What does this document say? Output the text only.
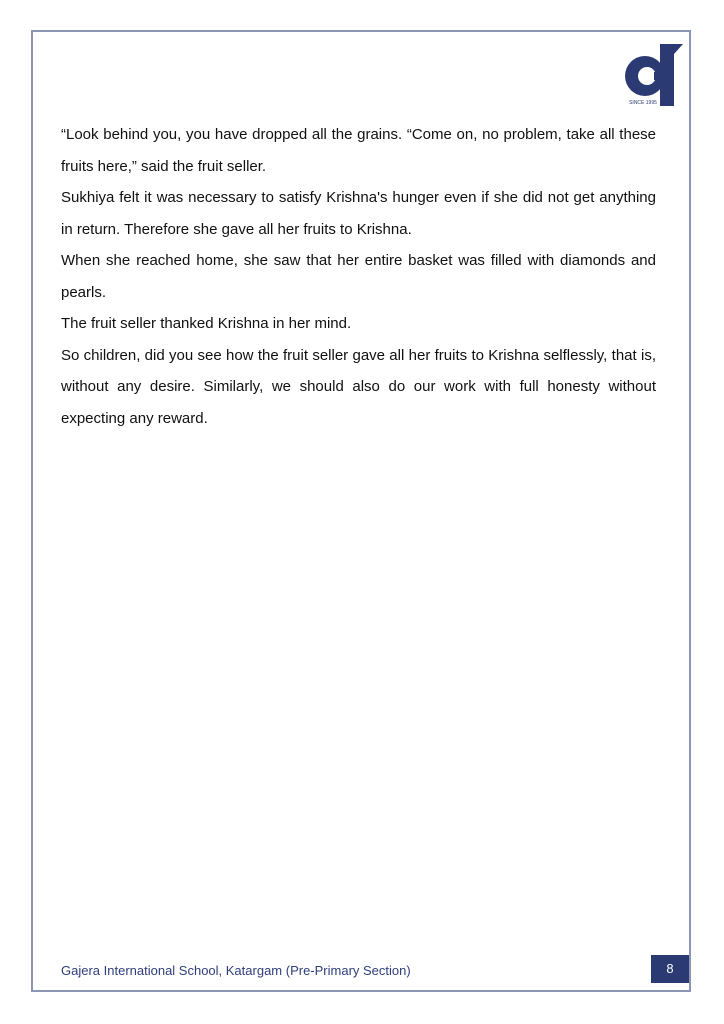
SINCE 1995

“Look behind you, you have dropped all the grains. “Come on, no problem, take all these fruits here,” said the fruit seller.

Sukhiya felt it was necessary to satisfy Krishna's hunger even if she did not get anything in return. Therefore she gave all her fruits to Krishna.

When she reached home, she saw that her entire basket was filled with diamonds and pearls.

The fruit seller thanked Krishna in her mind.

So children, did you see how the fruit seller gave all her fruits to Krishna selflessly, that is, without any desire. Similarly, we should also do our work with full honesty without expecting any reward.

Gajera International School, Katargam (Pre-Primary Section)	8
